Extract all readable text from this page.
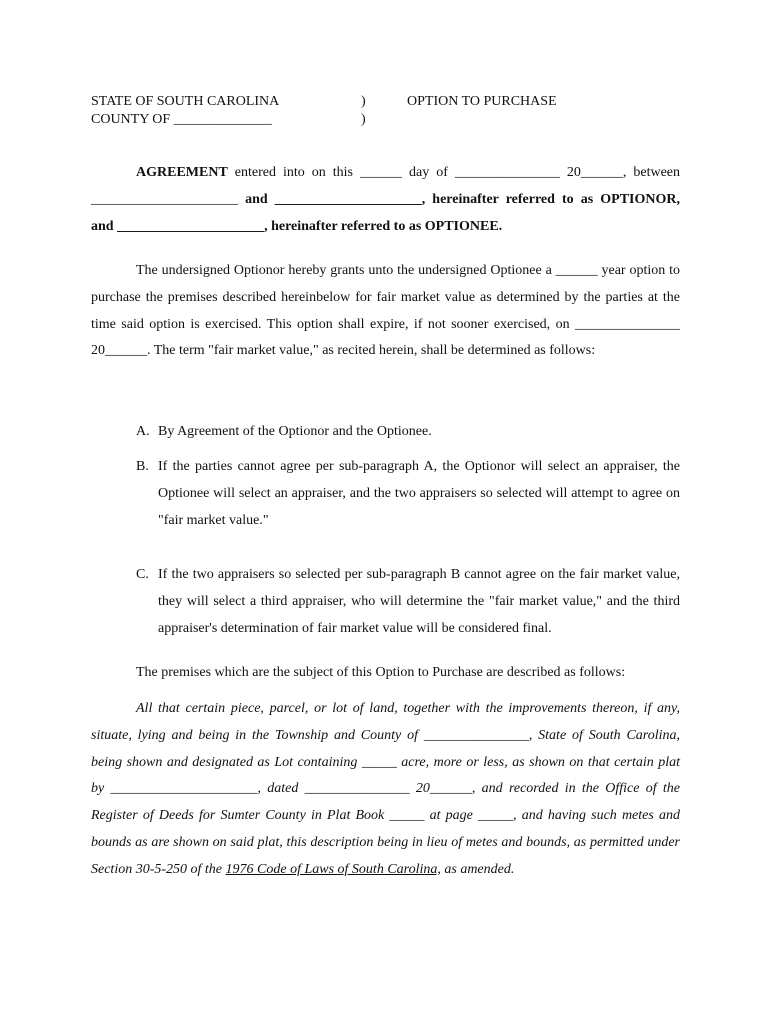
STATE OF SOUTH CAROLINA
COUNTY OF ______________
)
)
OPTION TO PURCHASE

AGREEMENT entered into on this ______ day of _______________ 20______, between _____________________ and _____________________, hereinafter referred to as OPTIONOR, and _____________________, hereinafter referred to as OPTIONEE.

The undersigned Optionor hereby grants unto the undersigned Optionee a ______ year option to purchase the premises described hereinbelow for fair market value as determined by the parties at the time said option is exercised. This option shall expire, if not sooner exercised, on _______________ 20______. The term "fair market value," as recited herein, shall be determined as follows:

A. By Agreement of the Optionor and the Optionee.
B. If the parties cannot agree per sub-paragraph A, the Optionor will select an appraiser, the Optionee will select an appraiser, and the two appraisers so selected will attempt to agree on "fair market value."
C. If the two appraisers so selected per sub-paragraph B cannot agree on the fair market value, they will select a third appraiser, who will determine the "fair market value," and the third appraiser's determination of fair market value will be considered final.

The premises which are the subject of this Option to Purchase are described as follows:

All that certain piece, parcel, or lot of land, together with the improvements thereon, if any, situate, lying and being in the Township and County of _______________, State of South Carolina, being shown and designated as Lot containing _____ acre, more or less, as shown on that certain plat by _____________________, dated _______________ 20______, and recorded in the Office of the Register of Deeds for Sumter County in Plat Book _____ at page _____, and having such metes and bounds as are shown on said plat, this description being in lieu of metes and bounds, as permitted under Section 30-5-250 of the 1976 Code of Laws of South Carolina, as amended.
